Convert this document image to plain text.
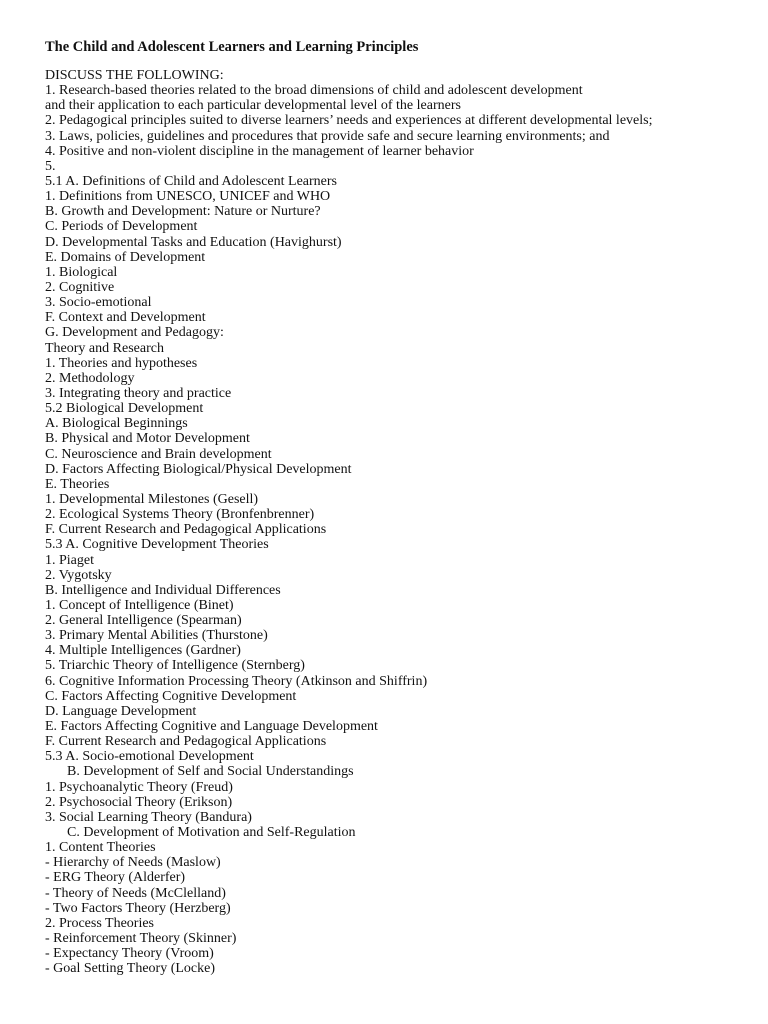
The Child and Adolescent Learners and Learning Principles
DISCUSS THE FOLLOWING:
1. Research-based theories related to the broad dimensions of child and adolescent development
and their application to each particular developmental level of the learners
2. Pedagogical principles suited to diverse learners’ needs and experiences at different developmental levels;
3. Laws, policies, guidelines and procedures that provide safe and secure learning environments; and
4. Positive and non-violent discipline in the management of learner behavior
5.
5.1 A. Definitions of Child and Adolescent Learners
1. Definitions from UNESCO, UNICEF and WHO
B. Growth and Development: Nature or Nurture?
C. Periods of Development
D. Developmental Tasks and Education (Havighurst)
E. Domains of Development
1. Biological
2. Cognitive
3. Socio-emotional
F. Context and Development
G. Development and Pedagogy:
Theory and Research
1. Theories and hypotheses
2. Methodology
3. Integrating theory and practice
5.2 Biological Development
A. Biological Beginnings
B. Physical and Motor Development
C. Neuroscience and Brain development
D. Factors Affecting Biological/Physical Development
E. Theories
1. Developmental Milestones (Gesell)
2. Ecological Systems Theory (Bronfenbrenner)
F. Current Research and Pedagogical Applications
5.3 A. Cognitive Development Theories
1. Piaget
2. Vygotsky
B. Intelligence and Individual Differences
1. Concept of Intelligence (Binet)
2. General Intelligence (Spearman)
3. Primary Mental Abilities (Thurstone)
4. Multiple Intelligences (Gardner)
5. Triarchic Theory of Intelligence (Sternberg)
6. Cognitive Information Processing Theory (Atkinson and Shiffrin)
C. Factors Affecting Cognitive Development
D. Language Development
E. Factors Affecting Cognitive and Language Development
F. Current Research and Pedagogical Applications
5.3 A. Socio-emotional Development
B. Development of Self and Social Understandings
1. Psychoanalytic Theory (Freud)
2. Psychosocial Theory (Erikson)
3. Social Learning Theory (Bandura)
C. Development of Motivation and Self-Regulation
1. Content Theories
- Hierarchy of Needs (Maslow)
- ERG Theory (Alderfer)
- Theory of Needs (McClelland)
- Two Factors Theory (Herzberg)
2. Process Theories
- Reinforcement Theory (Skinner)
- Expectancy Theory (Vroom)
- Goal Setting Theory (Locke)
